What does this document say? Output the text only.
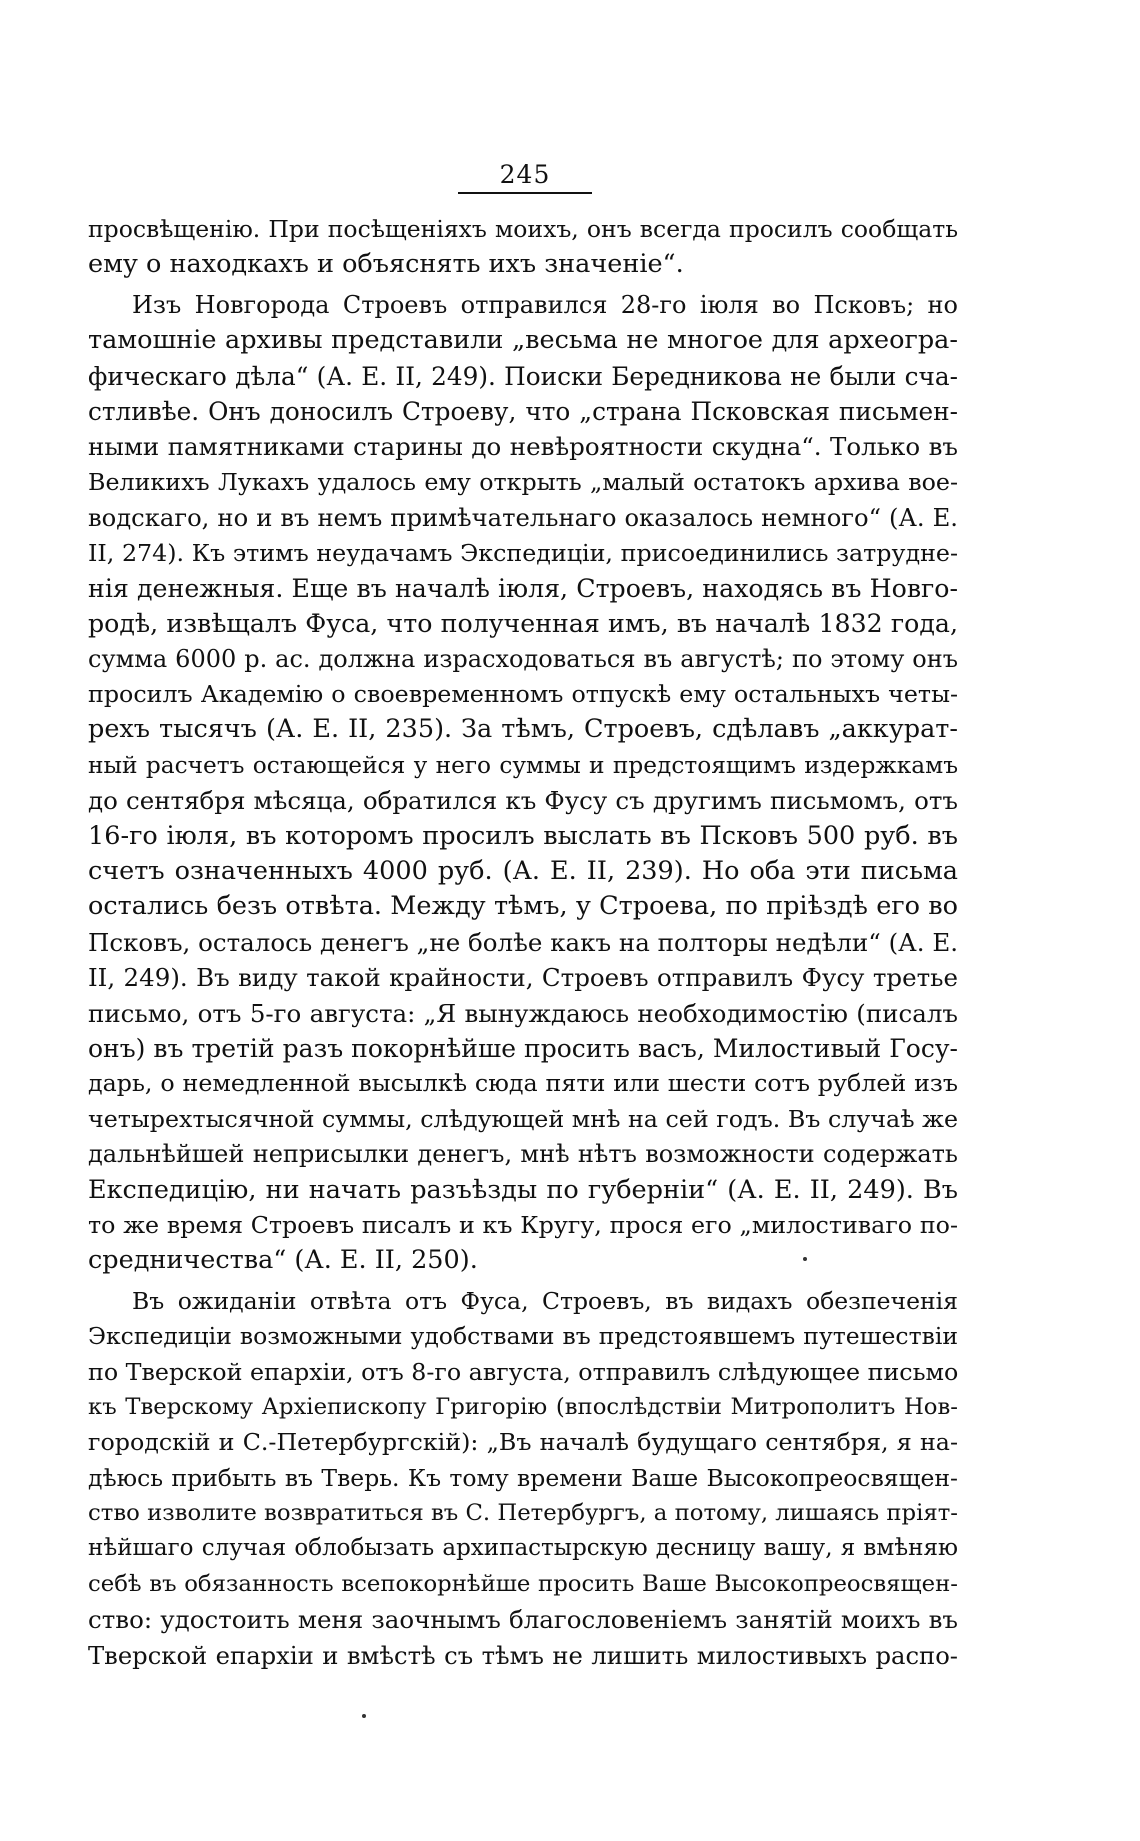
245
просвѣщенію. При посѣщеніяхъ моихъ, онъ всегда просилъ сообщать
ему о находкахъ и объяснять ихъ значеніе“.
Изъ Новгорода Строевъ отправился 28-го іюля во Псковъ; но
тамошніе архивы представили „весьма не многое для археогра-
фическаго дѣла“ (А. Е. II, 249). Поиски Бередникова не были сча-
стливѣе. Онъ доносилъ Строеву, что „страна Псковская письмен-
ными памятниками старины до невѣроятности скудна“. Только въ
Великихъ Лукахъ удалось ему открыть „малый остатокъ архива вое-
водскаго, но и въ немъ примѣчательнаго оказалось немного“ (А. Е.
II, 274). Къ этимъ неудачамъ Экспедиціи, присоединились затрудне-
нія денежныя. Еще въ началѣ іюля, Строевъ, находясь въ Новго-
родѣ, извѣщалъ Фуса, что полученная имъ, въ началѣ 1832 года,
сумма 6000 р. ас. должна израсходоваться въ августѣ; по этому онъ
просилъ Академію о своевременномъ отпускѣ ему остальныхъ четы-
рехъ тысячъ (А. Е. II, 235). За тѣмъ, Строевъ, сдѣлавъ „аккурат-
ный расчетъ остающейся у него суммы и предстоящимъ издержкамъ
до сентября мѣсяца, обратился къ Фусу съ другимъ письмомъ, отъ
16-го іюля, въ которомъ просилъ выслать въ Псковъ 500 руб. въ
счетъ означенныхъ 4000 руб. (А. Е. II, 239). Но оба эти письма
остались безъ отвѣта. Между тѣмъ, у Строева, по пріѣздѣ его во
Псковъ, осталось денегъ „не болѣе какъ на полторы недѣли“ (А. Е.
II, 249). Въ виду такой крайности, Строевъ отправилъ Фусу третье
письмо, отъ 5-го августа: „Я вынуждаюсь необходимостію (писалъ
онъ) въ третій разъ покорнѣйше просить васъ, Милостивый Госу-
дарь, о немедленной высылкѣ сюда пяти или шести сотъ рублей изъ
четырехтысячной суммы, слѣдующей мнѣ на сей годъ. Въ случаѣ же
дальнѣйшей неприсылки денегъ, мнѣ нѣтъ возможности содержать
Експедицію, ни начать разъѣзды по губерніи“ (А. Е. II, 249). Въ
то же время Строевъ писалъ и къ Кругу, прося его „милостиваго по-
средничества“ (А. Е. II, 250).
Въ ожиданіи отвѣта отъ Фуса, Строевъ, въ видахъ обезпеченія
Экспедиціи возможными удобствами въ предстоявшемъ путешествіи
по Тверской епархіи, отъ 8-го августа, отправилъ слѣдующее письмо
къ Тверскому Архіепископу Григорію (впослѣдствіи Митрополитъ Нов-
городскій и С.-Петербургскій): „Въ началѣ будущаго сентября, я на-
дѣюсь прибыть въ Тверь. Къ тому времени Ваше Высокопреосвящен-
ство изволите возвратиться въ С. Петербургъ, а потому, лишаясь пріят-
нѣйшаго случая облобызать архипастырскую десницу вашу, я вмѣняю
себѣ въ обязанность всепокорнѣйше просить Ваше Высокопреосвящен-
ство: удостоить меня заочнымъ благословеніемъ занятій моихъ въ
Тверской епархіи и вмѣстѣ съ тѣмъ не лишить милостивыхъ распо-
